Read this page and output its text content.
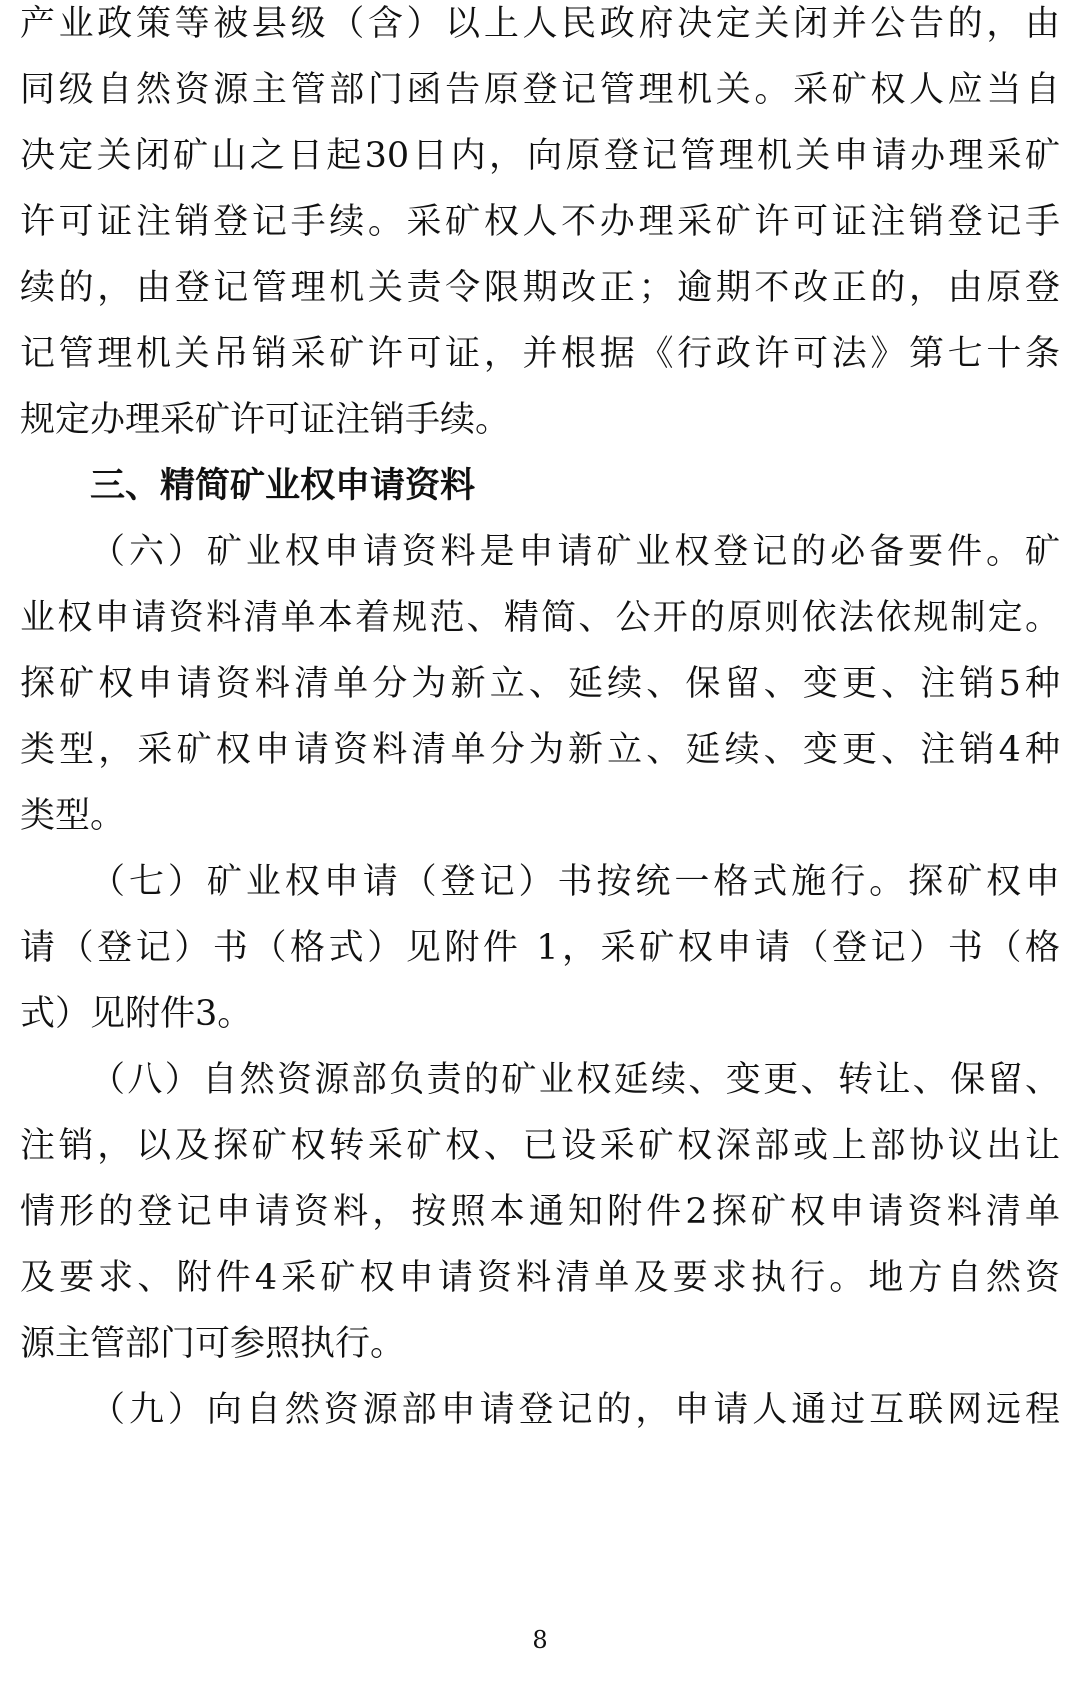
产业政策等被县级（含）以上人民政府决定关闭并公告的，由
同级自然资源主管部门函告原登记管理机关。采矿权人应当自
决定关闭矿山之日起30日内，向原登记管理机关申请办理采矿
许可证注销登记手续。采矿权人不办理采矿许可证注销登记手
续的，由登记管理机关责令限期改正；逾期不改正的，由原登
记管理机关吊销采矿许可证，并根据《行政许可法》第七十条
规定办理采矿许可证注销手续。
三、精简矿业权申请资料
（六）矿业权申请资料是申请矿业权登记的必备要件。矿
业权申请资料清单本着规范、精简、公开的原则依法依规制定。
探矿权申请资料清单分为新立、延续、保留、变更、注销5种
类型，采矿权申请资料清单分为新立、延续、变更、注销4种
类型。
（七）矿业权申请（登记）书按统一格式施行。探矿权申
请（登记）书（格式）见附件 1，采矿权申请（登记）书（格
式）见附件3。
（八）自然资源部负责的矿业权延续、变更、转让、保留、
注销，以及探矿权转采矿权、已设采矿权深部或上部协议出让
情形的登记申请资料，按照本通知附件2探矿权申请资料清单
及要求、附件4采矿权申请资料清单及要求执行。地方自然资
源主管部门可参照执行。
（九）向自然资源部申请登记的，申请人通过互联网远程
8
